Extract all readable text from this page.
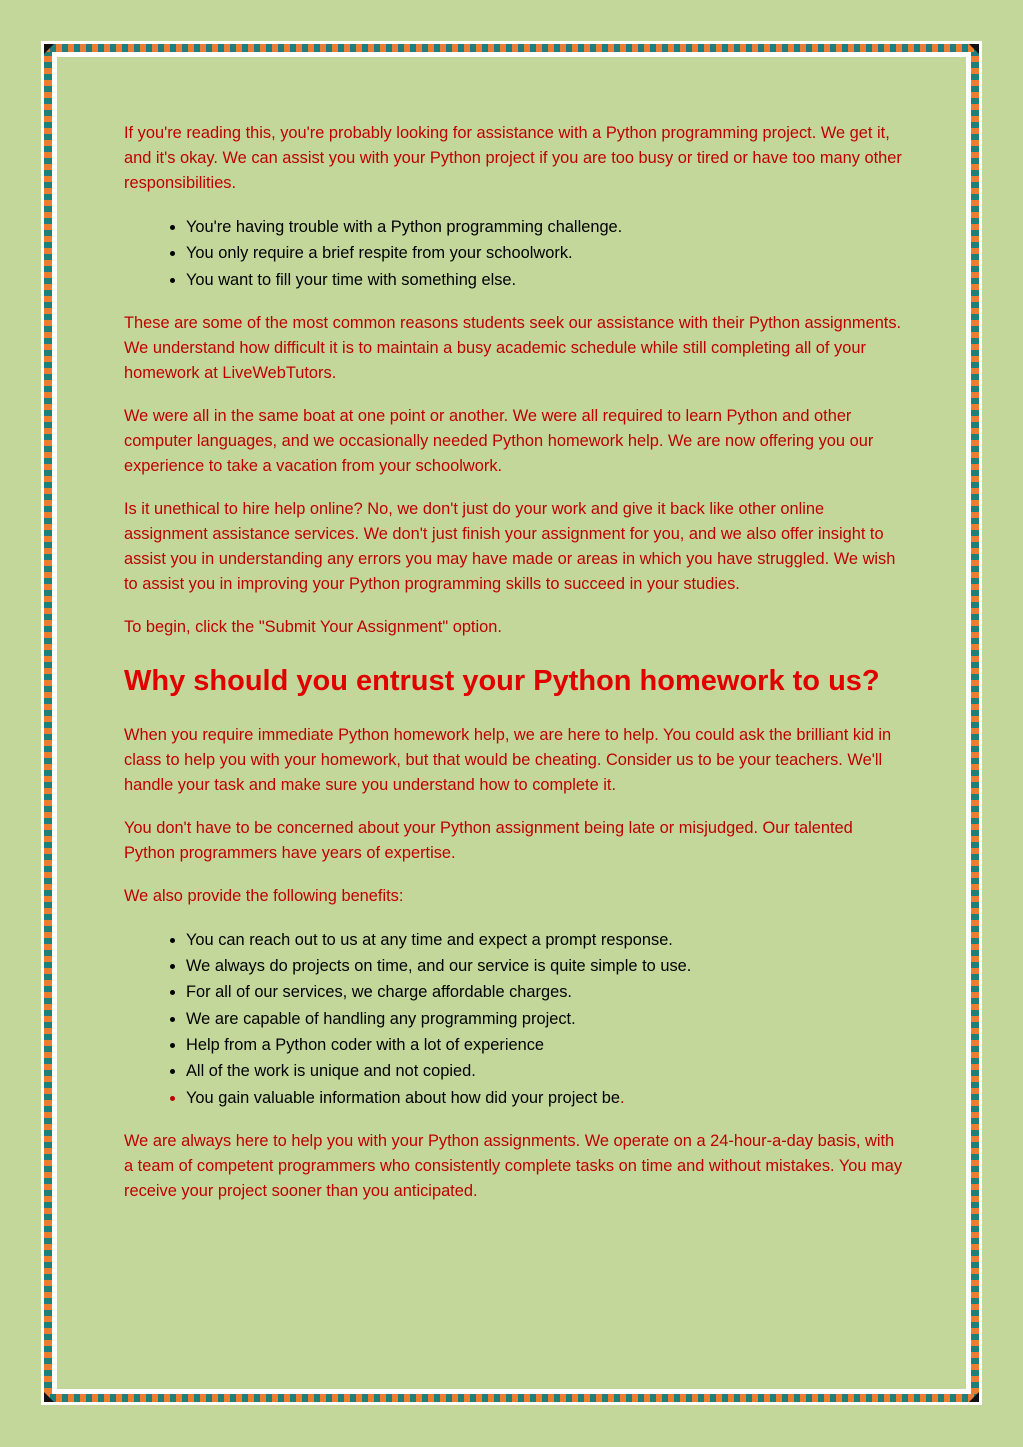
If you're reading this, you're probably looking for assistance with a Python programming project. We get it, and it's okay. We can assist you with your Python project if you are too busy or tired or have too many other responsibilities.

• You're having trouble with a Python programming challenge.
• You only require a brief respite from your schoolwork.
• You want to fill your time with something else.

These are some of the most common reasons students seek our assistance with their Python assignments. We understand how difficult it is to maintain a busy academic schedule while still completing all of your homework at LiveWebTutors.

We were all in the same boat at one point or another. We were all required to learn Python and other computer languages, and we occasionally needed Python homework help. We are now offering you our experience to take a vacation from your schoolwork.

Is it unethical to hire help online? No, we don't just do your work and give it back like other online assignment assistance services. We don't just finish your assignment for you, and we also offer insight to assist you in understanding any errors you may have made or areas in which you have struggled. We wish to assist you in improving your Python programming skills to succeed in your studies.

To begin, click the "Submit Your Assignment" option.

Why should you entrust your Python homework to us?

When you require immediate Python homework help, we are here to help. You could ask the brilliant kid in class to help you with your homework, but that would be cheating. Consider us to be your teachers. We'll handle your task and make sure you understand how to complete it.

You don't have to be concerned about your Python assignment being late or misjudged. Our talented Python programmers have years of expertise.

We also provide the following benefits:

• You can reach out to us at any time and expect a prompt response.
• We always do projects on time, and our service is quite simple to use.
• For all of our services, we charge affordable charges.
• We are capable of handling any programming project.
• Help from a Python coder with a lot of experience
• All of the work is unique and not copied.
• You gain valuable information about how did your project be.

We are always here to help you with your Python assignments. We operate on a 24-hour-a-day basis, with a team of competent programmers who consistently complete tasks on time and without mistakes. You may receive your project sooner than you anticipated.
